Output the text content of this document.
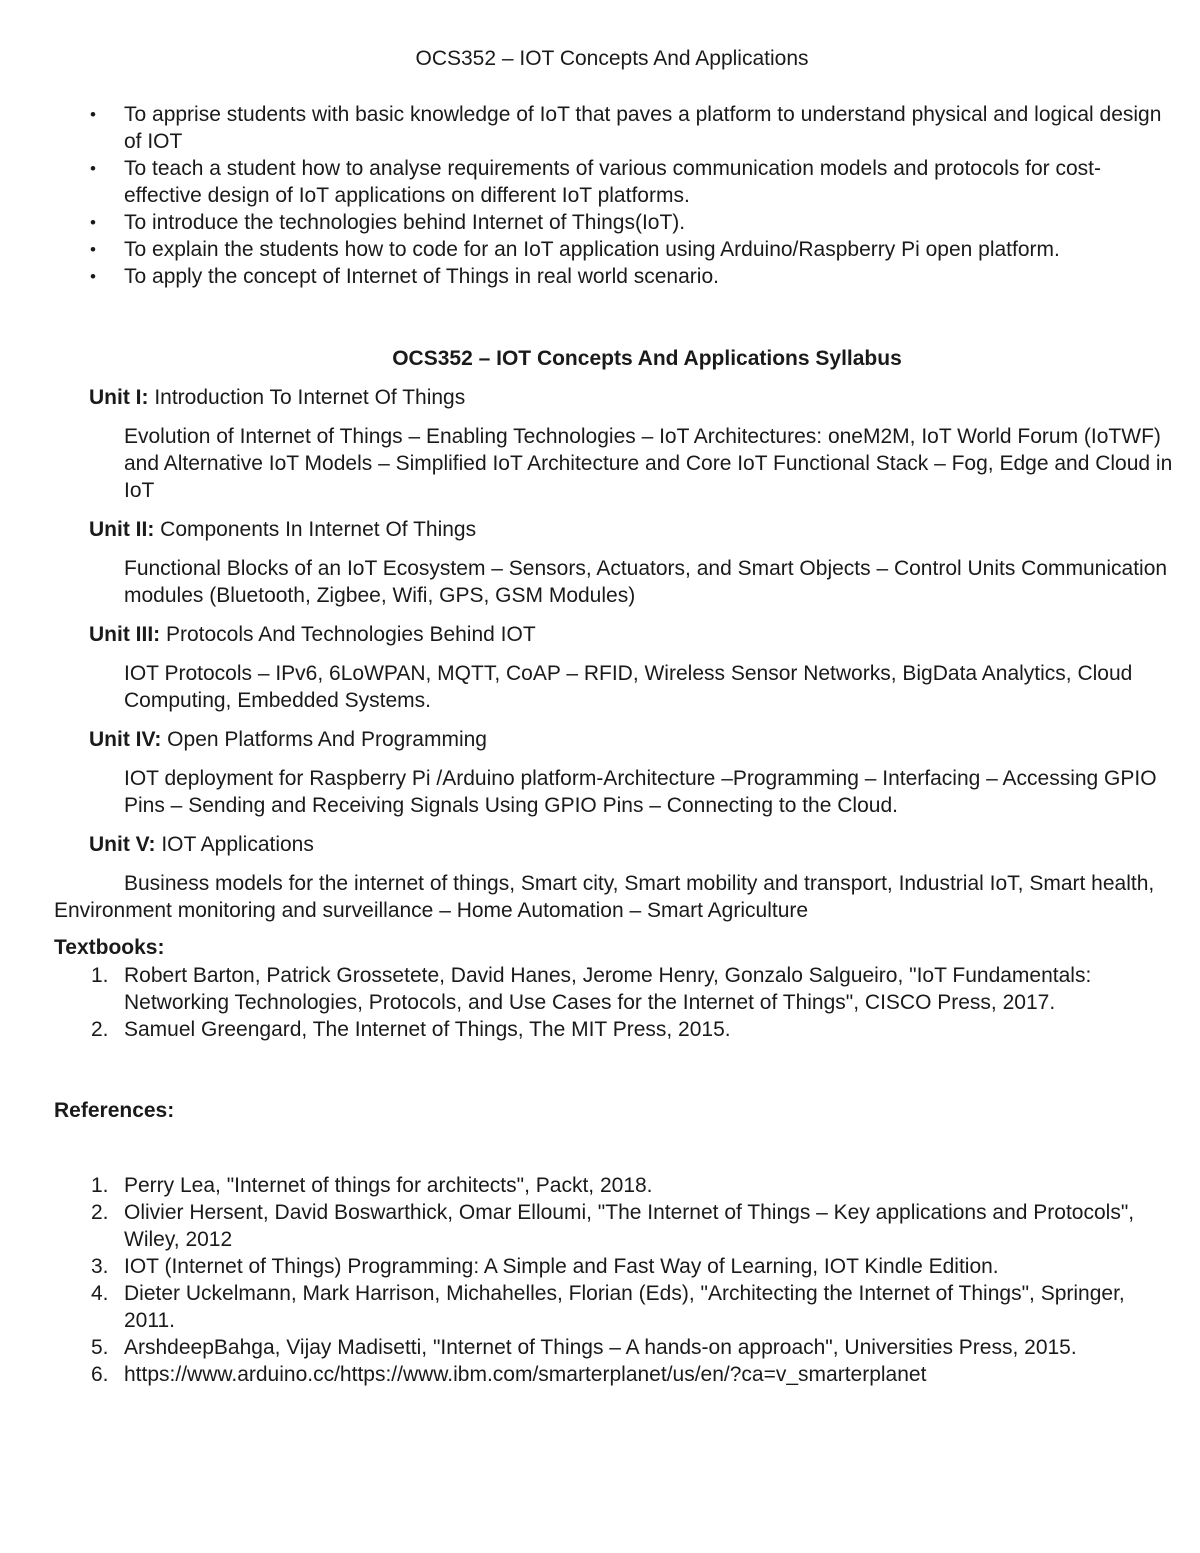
OCS352 – IOT Concepts And Applications
• To apprise students with basic knowledge of IoT that paves a platform to understand physical and logical design of IOT
• To teach a student how to analyse requirements of various communication models and protocols for cost-effective design of IoT applications on different IoT platforms.
• To introduce the technologies behind Internet of Things(IoT).
• To explain the students how to code for an IoT application using Arduino/Raspberry Pi open platform.
• To apply the concept of Internet of Things in real world scenario.
OCS352 – IOT Concepts And Applications Syllabus

Unit I: Introduction To Internet Of Things

Evolution of Internet of Things – Enabling Technologies – IoT Architectures: oneM2M, IoT World Forum (IoTWF) and Alternative IoT Models – Simplified IoT Architecture and Core IoT Functional Stack – Fog, Edge and Cloud in IoT

Unit II: Components In Internet Of Things

Functional Blocks of an IoT Ecosystem – Sensors, Actuators, and Smart Objects – Control Units Communication modules (Bluetooth, Zigbee, Wifi, GPS, GSM Modules)

Unit III: Protocols And Technologies Behind IOT

IOT Protocols – IPv6, 6LoWPAN, MQTT, CoAP – RFID, Wireless Sensor Networks, BigData Analytics, Cloud Computing, Embedded Systems.

Unit IV: Open Platforms And Programming

IOT deployment for Raspberry Pi /Arduino platform-Architecture –Programming – Interfacing – Accessing GPIO Pins – Sending and Receiving Signals Using GPIO Pins – Connecting to the Cloud.

Unit V: IOT Applications

Business models for the internet of things, Smart city, Smart mobility and transport, Industrial IoT, Smart health, Environment monitoring and surveillance – Home Automation – Smart Agriculture

Textbooks:
1. Robert Barton, Patrick Grossetete, David Hanes, Jerome Henry, Gonzalo Salgueiro, "IoT Fundamentals: Networking Technologies, Protocols, and Use Cases for the Internet of Things", CISCO Press, 2017.
2. Samuel Greengard, The Internet of Things, The MIT Press, 2015.
References:
1. Perry Lea, "Internet of things for architects", Packt, 2018.
2. Olivier Hersent, David Boswarthick, Omar Elloumi, "The Internet of Things – Key applications and Protocols", Wiley, 2012
3. IOT (Internet of Things) Programming: A Simple and Fast Way of Learning, IOT Kindle Edition.
4. Dieter Uckelmann, Mark Harrison, Michahelles, Florian (Eds), "Architecting the Internet of Things", Springer, 2011.
5. ArshdeepBahga, Vijay Madisetti, "Internet of Things – A hands-on approach", Universities Press, 2015.
6. https://www.arduino.cc/https://www.ibm.com/smarterplanet/us/en/?ca=v_smarterplanet
